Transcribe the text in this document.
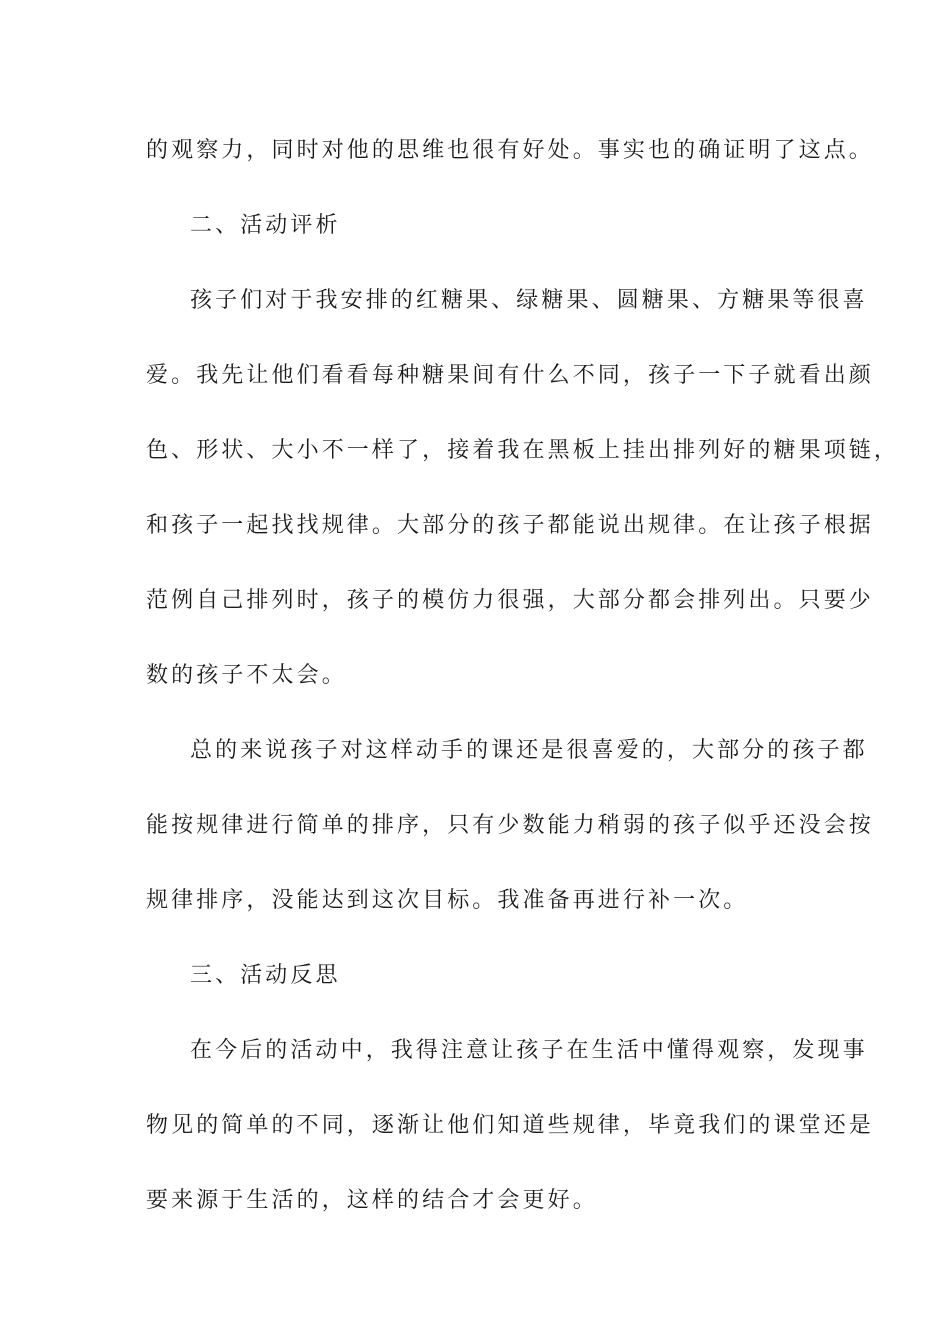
的观察力，同时对他的思维也很有好处。事实也的确证明了这点。
二、活动评析
孩子们对于我安排的红糖果、绿糖果、圆糖果、方糖果等很喜
爱。我先让他们看看每种糖果间有什么不同，孩子一下子就看出颜
色、形状、大小不一样了，接着我在黑板上挂出排列好的糖果项链，
和孩子一起找找规律。大部分的孩子都能说出规律。在让孩子根据
范例自己排列时，孩子的模仿力很强，大部分都会排列出。只要少
数的孩子不太会。
总的来说孩子对这样动手的课还是很喜爱的，大部分的孩子都
能按规律进行简单的排序，只有少数能力稍弱的孩子似乎还没会按
规律排序，没能达到这次目标。我准备再进行补一次。
三、活动反思
在今后的活动中，我得注意让孩子在生活中懂得观察，发现事
物见的简单的不同，逐渐让他们知道些规律，毕竟我们的课堂还是
要来源于生活的，这样的结合才会更好。
